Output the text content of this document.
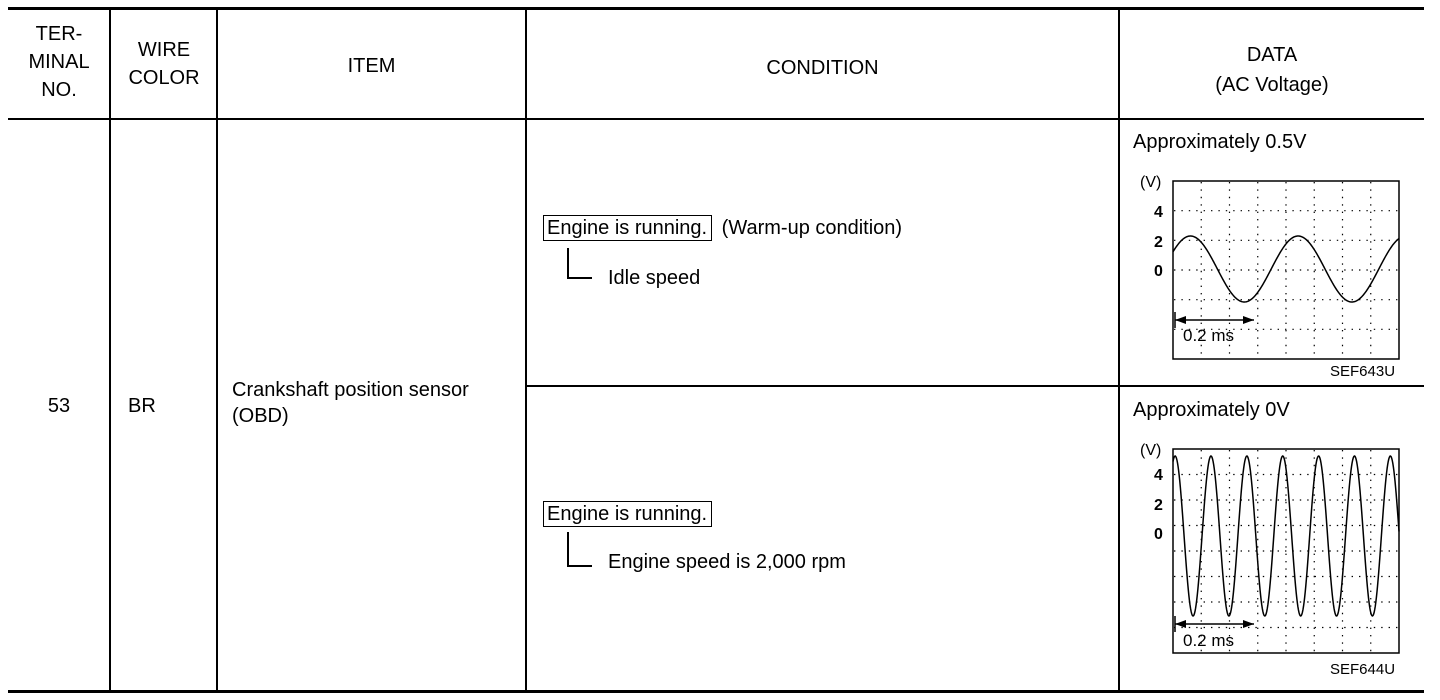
TER-
MINAL
NO.
WIRE
COLOR
ITEM	CONDITION
DATA
(AC Voltage)
53	BR
Crankshaft position sensor
(OBD)
Engine is running. (Warm-up condition)
Idle speed
Engine is running.
Engine speed is 2,000 rpm
Approximately 0.5V
(V)
4
2
0
0.2 ms
SEF643U
Approximately 0V
(V)
4
2
0
0.2 ms
SEF644U
